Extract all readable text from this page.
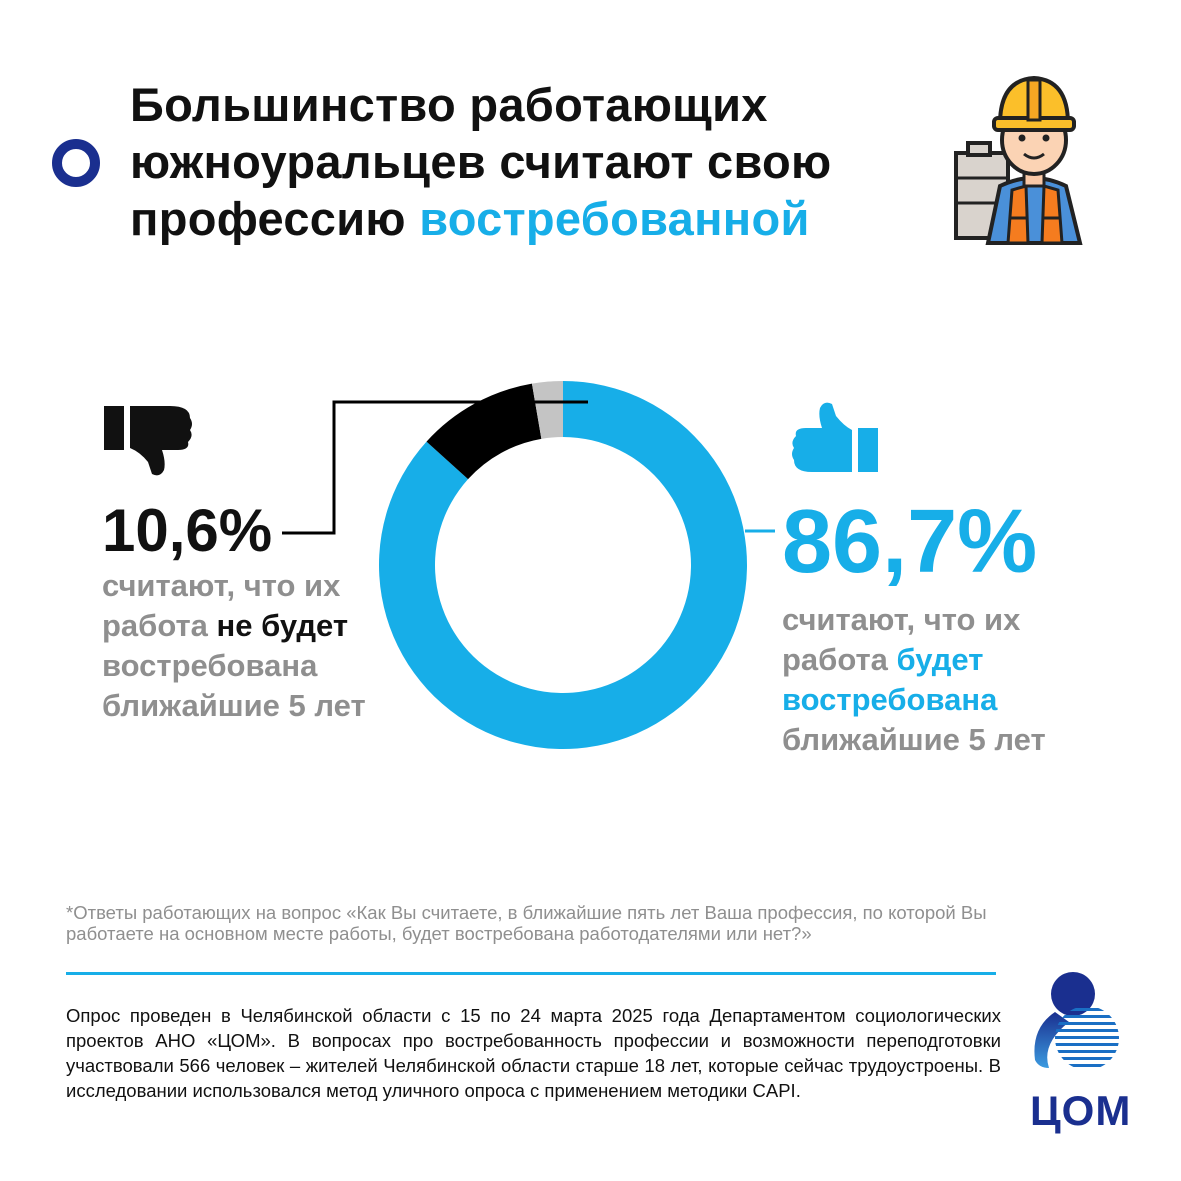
Большинство работающих
южноуральцев считают свою
профессию востребованной
10,6%
считают, что их работа не будет востребована ближайшие 5 лет
86,7%
считают, что их работа будет востребована ближайшие 5 лет
*Ответы работающих на вопрос «Как Вы считаете, в ближайшие пять лет Ваша профессия, по которой Вы работаете на основном месте работы, будет востребована работодателями или нет?»
Опрос проведен в Челябинской области с 15 по 24 марта 2025 года Департаментом социологических проектов АНО «ЦОМ». В вопросах про востребованность профессии и возможности переподготовки участвовали 566 человек – жителей Челябинской области старше 18 лет, которые сейчас трудоустроены. В исследовании использовался метод уличного опроса с применением методики CAPI.	ЦОМ
